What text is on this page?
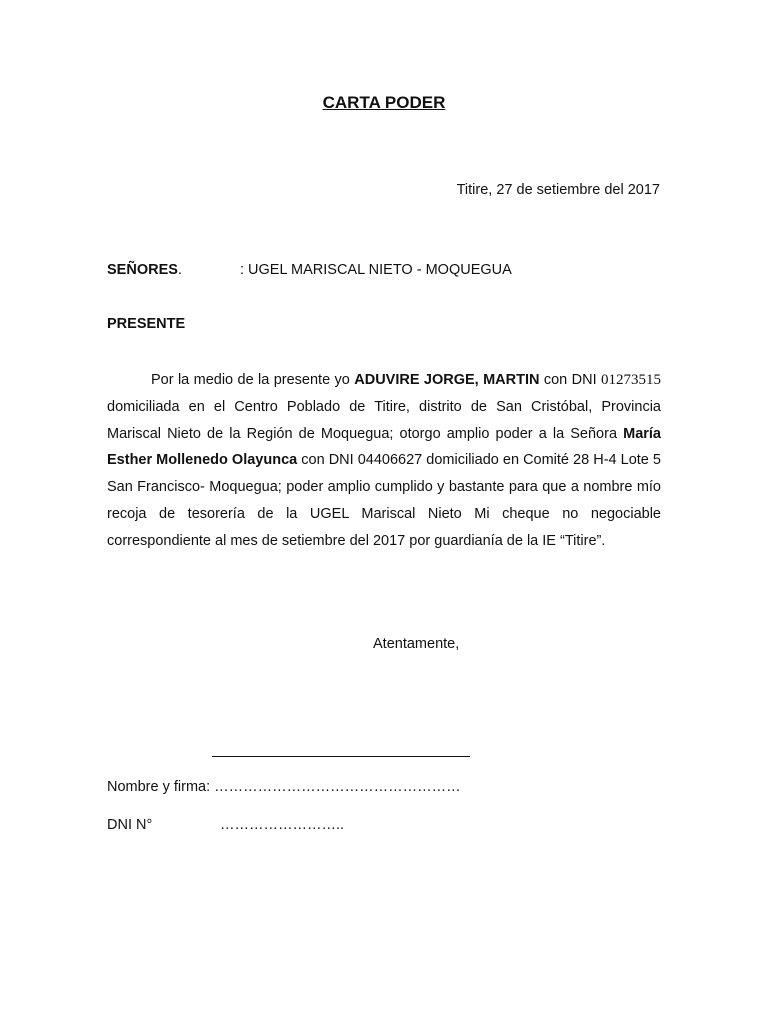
CARTA PODER
Titire, 27 de setiembre del 2017
SEÑORES.	: UGEL MARISCAL NIETO - MOQUEGUA
PRESENTE
Por la medio de la presente yo ADUVIRE JORGE, MARTIN con DNI 01273515 domiciliada en el Centro Poblado de Titire, distrito de San Cristóbal, Provincia Mariscal Nieto de la Región de Moquegua; otorgo amplio poder a la Señora María Esther Mollenedo Olayunca con DNI 04406627 domiciliado en Comité 28 H-4 Lote 5 San Francisco- Moquegua; poder amplio cumplido y bastante para que a nombre mío recoja de tesorería de la UGEL Mariscal Nieto Mi cheque no negociable correspondiente al mes de setiembre del 2017 por guardianía de la IE “Titire”.
Atentamente,
Nombre y firma: ……………………………………………
DNI N°	……………………..
